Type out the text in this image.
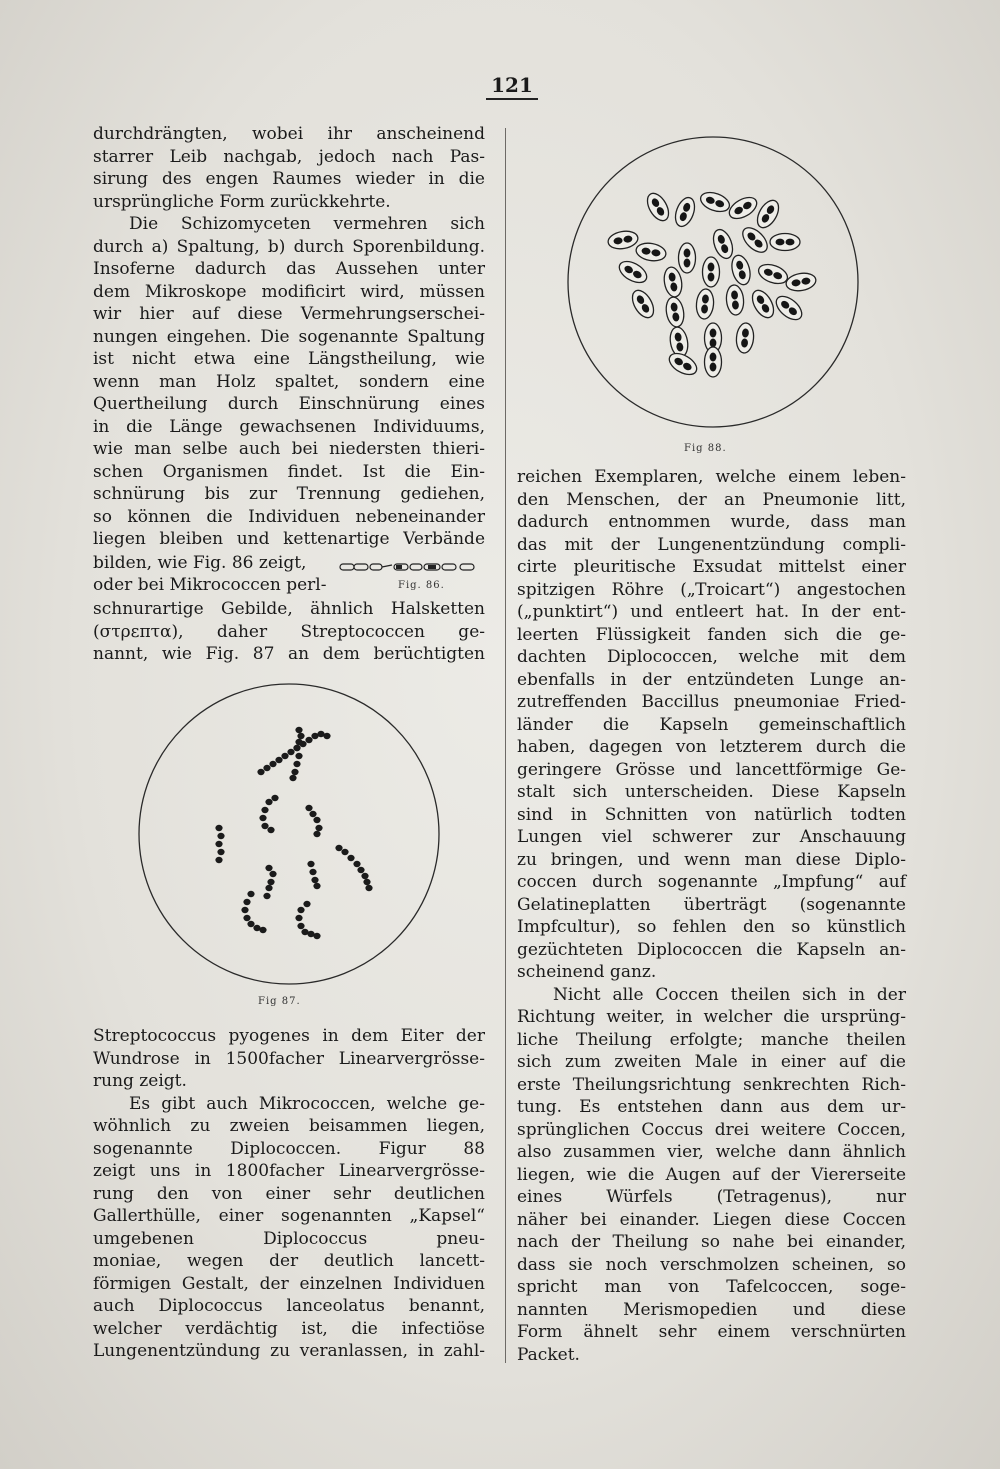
121
durchdrängten, wobei ihr anscheinend
starrer Leib nachgab, jedoch nach Pas-
sirung des engen Raumes wieder in die
ursprüngliche Form zurückkehrte.
Die Schizomyceten vermehren sich
durch a) Spaltung, b) durch Sporenbildung.
Insoferne dadurch das Aussehen unter
dem Mikroskope modificirt wird, müssen
wir hier auf diese Vermehrungserschei-
nungen eingehen. Die sogenannte Spaltung
ist nicht etwa eine Längstheilung, wie
wenn man Holz spaltet, sondern eine
Quertheilung durch Einschnürung eines
in die Länge gewachsenen Individuums,
wie man selbe auch bei niedersten thieri-
schen Organismen findet. Ist die Ein-
schnürung bis zur Trennung gediehen,
so können die Individuen nebeneinander
liegen bleiben und kettenartige Verbände
bilden, wie Fig. 86 zeigt,
oder bei Mikrococcen perl-	Fig. 86.
schnurartige Gebilde, ähnlich Halsketten
(στρεπτα), daher Streptococcen ge-
nannt, wie Fig. 87 an dem berüchtigten
Fig 87.
Streptococcus pyogenes in dem Eiter der
Wundrose in 1500facher Linearvergrösse-
rung zeigt.
Es gibt auch Mikrococcen, welche ge-
wöhnlich zu zweien beisammen liegen,
sogenannte Diplococcen. Figur 88
zeigt uns in 1800facher Linearvergrösse-
rung den von einer sehr deutlichen
Gallerthülle, einer sogenannten „Kapsel“
umgebenen Diplococcus pneu-
moniae, wegen der deutlich lancett-
förmigen Gestalt, der einzelnen Individuen
auch Diplococcus lanceolatus benannt,
welcher verdächtig ist, die infectiöse
Lungenentzündung zu veranlassen, in zahl-
Fig 88.
reichen Exemplaren, welche einem leben-
den Menschen, der an Pneumonie litt,
dadurch entnommen wurde, dass man
das mit der Lungenentzündung compli-
cirte pleuritische Exsudat mittelst einer
spitzigen Röhre („Troicart“) angestochen
(„punktirt“) und entleert hat. In der ent-
leerten Flüssigkeit fanden sich die ge-
dachten Diplococcen, welche mit dem
ebenfalls in der entzündeten Lunge an-
zutreffenden Baccillus pneumoniae Fried-
länder die Kapseln gemeinschaftlich
haben, dagegen von letzterem durch die
geringere Grösse und lancettförmige Ge-
stalt sich unterscheiden. Diese Kapseln
sind in Schnitten von natürlich todten
Lungen viel schwerer zur Anschauung
zu bringen, und wenn man diese Diplo-
coccen durch sogenannte „Impfung“ auf
Gelatineplatten überträgt (sogenannte
Impfcultur), so fehlen den so künstlich
gezüchteten Diplococcen die Kapseln an-
scheinend ganz.
Nicht alle Coccen theilen sich in der
Richtung weiter, in welcher die ursprüng-
liche Theilung erfolgte; manche theilen
sich zum zweiten Male in einer auf die
erste Theilungsrichtung senkrechten Rich-
tung. Es entstehen dann aus dem ur-
sprünglichen Coccus drei weitere Coccen,
also zusammen vier, welche dann ähnlich
liegen, wie die Augen auf der Viererseite
eines Würfels (Tetragenus), nur
näher bei einander. Liegen diese Coccen
nach der Theilung so nahe bei einander,
dass sie noch verschmolzen scheinen, so
spricht man von Tafelcoccen, soge-
nannten Merismopedien und diese
Form ähnelt sehr einem verschnürten
Packet.
